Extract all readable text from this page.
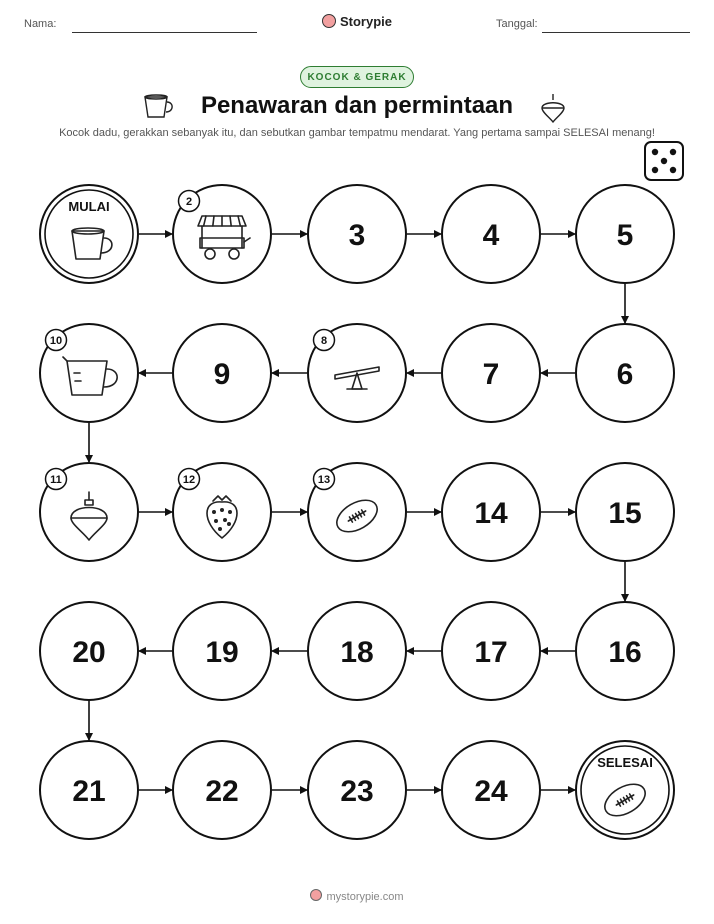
Nama:	Storypie	Tanggal:
KOCOK & GERAK
Penawaran dan permintaan
Kocok dadu, gerakkan sebanyak itu, dan sebutkan gambar tempatmu mendarat. Yang pertama sampai SELESAI menang!
MULAI	2
3	4	5
6
7
8
9
10
11	12	13
14	15
16
17
18
19
20
21	22	23	24
SELESAI
mystorypie.com
